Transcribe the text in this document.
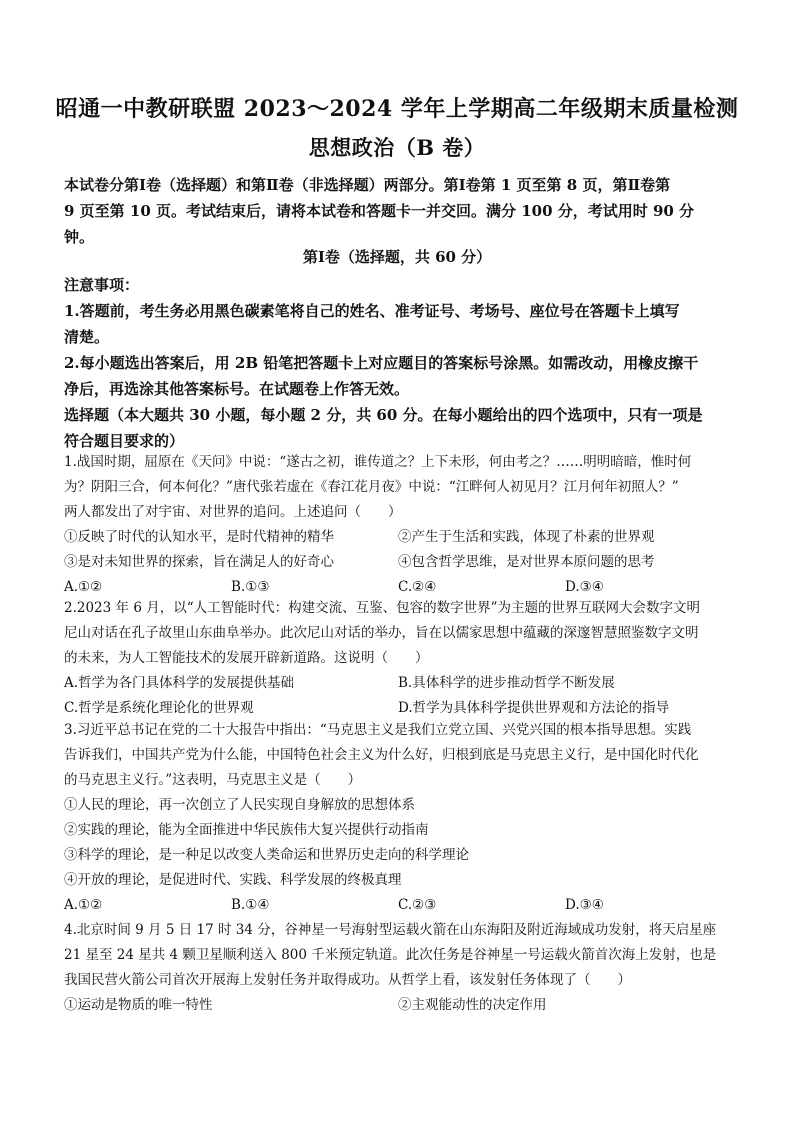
昭通一中教研联盟 2023～2024 学年上学期高二年级期末质量检测
思想政治（B 卷）
本试卷分第Ⅰ卷（选择题）和第Ⅱ卷（非选择题）两部分。第Ⅰ卷第 1 页至第 8 页，第Ⅱ卷第
9 页至第 10 页。考试结束后，请将本试卷和答题卡一并交回。满分 100 分，考试用时 90 分
钟。
第Ⅰ卷（选择题，共 60 分）
注意事项：
1.答题前，考生务必用黑色碳素笔将自己的姓名、准考证号、考场号、座位号在答题卡上填写
清楚。
2.每小题选出答案后，用 2B 铅笔把答题卡上对应题目的答案标号涂黑。如需改动，用橡皮擦干
净后，再选涂其他答案标号。在试题卷上作答无效。
选择题（本大题共 30 小题，每小题 2 分，共 60 分。在每小题给出的四个选项中，只有一项是
符合题目要求的）
1.战国时期，屈原在《天问》中说：“遂古之初，谁传道之？上下未形，何由考之？……明明暗暗，惟时何
为？阴阳三合，何本何化？”唐代张若虚在《春江花月夜》中说：“江畔何人初见月？江月何年初照人？”
两人都发出了对宇宙、对世界的追问。上述追问（　　）
①反映了时代的认知水平，是时代精神的精华	②产生于生活和实践，体现了朴素的世界观
③是对未知世界的探索，旨在满足人的好奇心	④包含哲学思维，是对世界本原问题的思考
A.①②	B.①③	C.②④	D.③④
2.2023 年 6 月，以“人工智能时代：构建交流、互鉴、包容的数字世界”为主题的世界互联网大会数字文明
尼山对话在孔子故里山东曲阜举办。此次尼山对话的举办，旨在以儒家思想中蕴藏的深邃智慧照鉴数字文明
的未来，为人工智能技术的发展开辟新道路。这说明（　　）
A.哲学为各门具体科学的发展提供基础	B.具体科学的进步推动哲学不断发展
C.哲学是系统化理论化的世界观	D.哲学为具体科学提供世界观和方法论的指导
3.习近平总书记在党的二十大报告中指出：“马克思主义是我们立党立国、兴党兴国的根本指导思想。实践
告诉我们，中国共产党为什么能，中国特色社会主义为什么好，归根到底是马克思主义行，是中国化时代化
的马克思主义行。”这表明，马克思主义是（　　）
①人民的理论，再一次创立了人民实现自身解放的思想体系
②实践的理论，能为全面推进中华民族伟大复兴提供行动指南
③科学的理论，是一种足以改变人类命运和世界历史走向的科学理论
④开放的理论，是促进时代、实践、科学发展的终极真理
A.①②	B.①④	C.②③	D.③④
4.北京时间 9 月 5 日 17 时 34 分，谷神星一号海射型运载火箭在山东海阳及附近海域成功发射，将天启星座
21 星至 24 星共 4 颗卫星顺利送入 800 千米预定轨道。此次任务是谷神星一号运载火箭首次海上发射，也是
我国民营火箭公司首次开展海上发射任务并取得成功。从哲学上看，该发射任务体现了（　　）
①运动是物质的唯一特性	②主观能动性的决定作用
